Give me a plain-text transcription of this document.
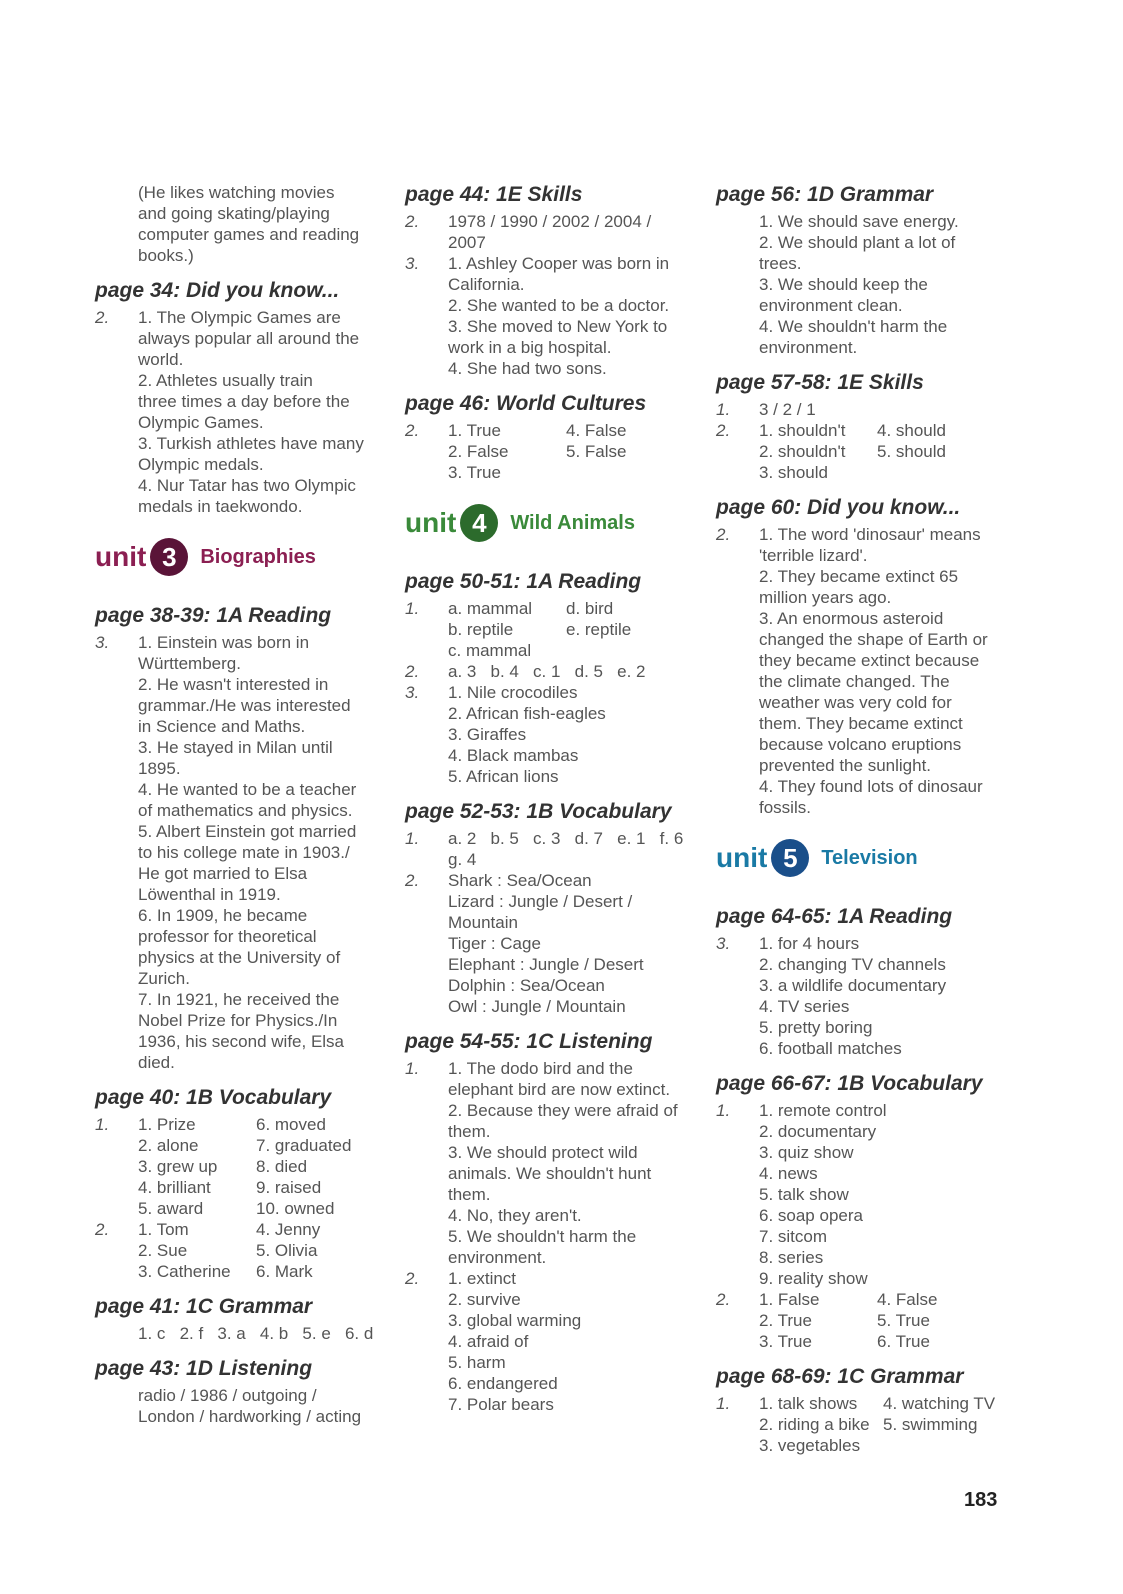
(He likes watching movies
and going skating/playing
computer games and reading
books.)
page 34: Did you know...
2.	1. The Olympic Games are
always popular all around the
world.
2. Athletes usually train
three times a day before the
Olympic Games.
3. Turkish athletes have many
Olympic medals.
4. Nur Tatar has two Olympic
medals in taekwondo.
unit 3	Biographies
page 38-39: 1A Reading
3.	1. Einstein was born in
Württemberg.
2. He wasn't interested in
grammar./He was interested
in Science and Maths.
3. He stayed in Milan until
1895.
4. He wanted to be a teacher
of mathematics and physics.
5. Albert Einstein got married
to his college mate in 1903./
He got married to Elsa
Löwenthal in 1919.
6. In 1909, he became
professor for theoretical
physics at the University of
Zurich.
7. In 1921, he received the
Nobel Prize for Physics./In
1936, his second wife, Elsa
died.
page 40: 1B Vocabulary
1.	1. Prize	6. moved
2. alone	7. graduated
3. grew up	8. died
4. brilliant	9. raised
5. award	10. owned
2.	1. Tom	4. Jenny
2. Sue	5. Olivia
3. Catherine	6. Mark
page 41: 1C Grammar
1. c   2. f   3. a   4. b   5. e   6. d
page 43: 1D Listening
radio / 1986 / outgoing /
London / hardworking / acting
page 44: 1E Skills
2.	1978 / 1990 / 2002 / 2004 /
2007
3.	1. Ashley Cooper was born in
California.
2. She wanted to be a doctor.
3. She moved to New York to
work in a big hospital.
4. She had two sons.
page 46: World Cultures
2.	1. True	4. False
2. False	5. False
3. True
unit 4	Wild Animals
page 50-51: 1A Reading
1.	a. mammal	d. bird
b. reptile	e. reptile
c. mammal
2.	a. 3   b. 4   c. 1   d. 5   e. 2
3.	1. Nile crocodiles
2. African fish-eagles
3. Giraffes
4. Black mambas
5. African lions
page 52-53: 1B Vocabulary
1.	a. 2   b. 5   c. 3   d. 7   e. 1   f. 6
g. 4
2.	Shark : Sea/Ocean
Lizard : Jungle / Desert /
Mountain
Tiger : Cage
Elephant : Jungle / Desert
Dolphin : Sea/Ocean
Owl : Jungle / Mountain
page 54-55: 1C Listening
1.	1. The dodo bird and the
elephant bird are now extinct.
2. Because they were afraid of
them.
3. We should protect wild
animals. We shouldn't hunt
them.
4. No, they aren't.
5. We shouldn't harm the
environment.
2.	1. extinct
2. survive
3. global warming
4. afraid of
5. harm
6. endangered
7. Polar bears
page 56: 1D Grammar
1. We should save energy.
2. We should plant a lot of
trees.
3. We should keep the
environment clean.
4. We shouldn't harm the
environment.
page 57-58: 1E Skills
1.	3 / 2 / 1
2.	1. shouldn't	4. should
2. shouldn't	5. should
3. should
page 60: Did you know...
2.	1. The word 'dinosaur' means
'terrible lizard'.
2. They became extinct 65
million years ago.
3. An enormous asteroid
changed the shape of Earth or
they became extinct because
the climate changed. The
weather was very cold for
them. They became extinct
because volcano eruptions
prevented the sunlight.
4. They found lots of dinosaur
fossils.
unit 5	Television
page 64-65: 1A Reading
3.	1. for 4 hours
2. changing TV channels
3. a wildlife documentary
4. TV series
5. pretty boring
6. football matches
page 66-67: 1B Vocabulary
1.	1. remote control
2. documentary
3. quiz show
4. news
5. talk show
6. soap opera
7. sitcom
8. series
9. reality show
2.	1. False	4. False
2. True	5. True
3. True	6. True
page 68-69: 1C Grammar
1.	1. talk shows	4. watching TV
2. riding a bike 5. swimming
3. vegetables
183
